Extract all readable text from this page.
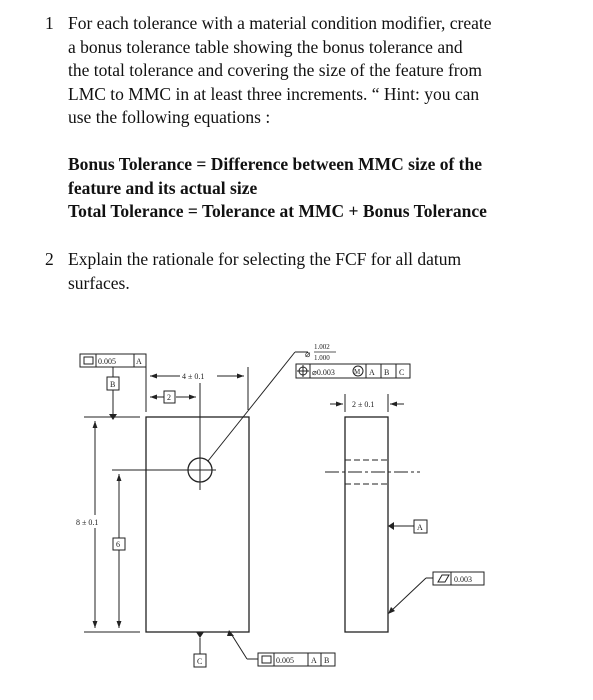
1 For each tolerance with a material condition modifier, create
a bonus tolerance table showing the bonus tolerance and
the total tolerance and covering the size of the feature from
LMC to MMC in at least three increments. “ Hint: you can
use the following equations :
Bonus Tolerance = Difference between MMC size of the
feature and its actual size
Total Tolerance = Tolerance at MMC + Bonus Tolerance
2 Explain the rationale for selecting the FCF for all datum
surfaces.
0.005	A
B
4 ± 0.1
2
⌀
1.002
1.000
⌀0.003	M A B C
8 ± 0.1
6
C	0.005 A B
2 ± 0.1
A
0.003
